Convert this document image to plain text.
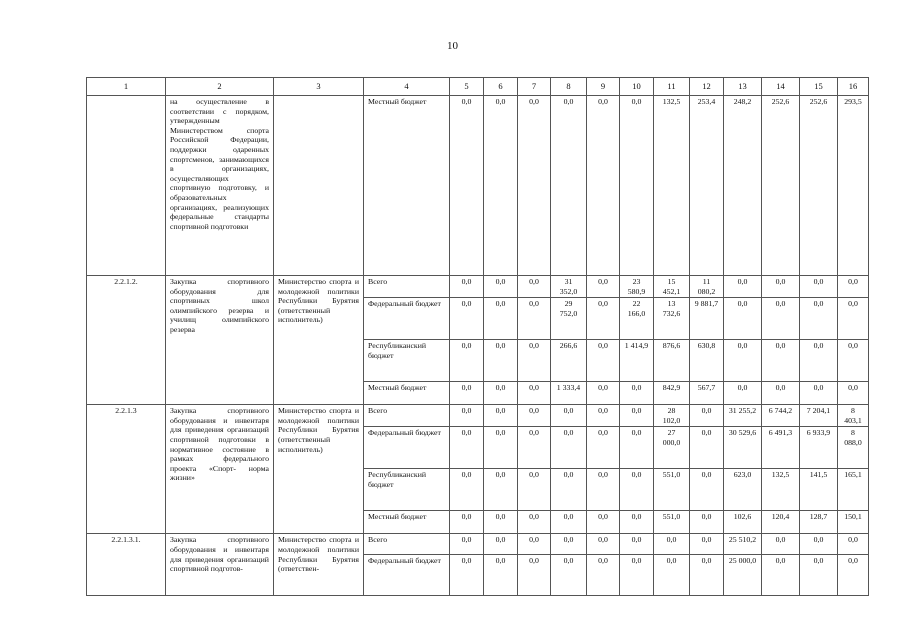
10
1	2	3	4	5	6	7	8	9	10	11	12	13	14	15	16
	на осуществление в соответствии с порядком, утвержденным Министерством спорта Российской Федерации, поддержки одаренных спортсменов, занимающихся в организациях, осуществляющих спортивную подготовку, и образовательных организациях, реализующих федеральные стандарты спортивной подготовки		Местный бюджет	0,0	0,0	0,0	0,0	0,0	0,0	132,5	253,4	248,2	252,6	252,6	293,5
2.2.1.2.	Закупка спортивного оборудования для спортивных школ олимпийского резерва и училищ олимпийского резерва	Министерство спорта и молодежной политики Республики Бурятия (ответственный исполнитель)	Всего	0,0	0,0	0,0	31 352,0	0,0	23 580,9	15 452,1	11 080,2	0,0	0,0	0,0	0,0
			Федеральный бюджет	0,0	0,0	0,0	29 752,0	0,0	22 166,0	13 732,6	9 881,7	0,0	0,0	0,0	0,0
			Республиканский бюджет	0,0	0,0	0,0	266,6	0,0	1 414,9	876,6	630,8	0,0	0,0	0,0	0,0
			Местный бюджет	0,0	0,0	0,0	1 333,4	0,0	0,0	842,9	567,7	0,0	0,0	0,0	0,0
2.2.1.3	Закупка спортивного оборудования и инвентаря для приведения организаций спортивной подготовки в нормативное состояние в рамках федерального проекта «Спорт- норма жизни»	Министерство спорта и молодежной политики Республики Бурятия (ответственный исполнитель)	Всего	0,0	0,0	0,0	0,0	0,0	0,0	28 102,0	0,0	31 255,2	6 744,2	7 204,1	8 403,1
			Федеральный бюджет	0,0	0,0	0,0	0,0	0,0	0,0	27 000,0	0,0	30 529,6	6 491,3	6 933,9	8 088,0
			Республиканский бюджет	0,0	0,0	0,0	0,0	0,0	0,0	551,0	0,0	623,0	132,5	141,5	165,1
			Местный бюджет	0,0	0,0	0,0	0,0	0,0	0,0	551,0	0,0	102,6	120,4	128,7	150,1
2.2.1.3.1.	Закупка спортивного оборудования и инвентаря для приведения организаций спортивной подготов-	Министерство спорта и молодежной политики Республики Бурятия (ответствен-	Всего	0,0	0,0	0,0	0,0	0,0	0,0	0,0	0,0	25 510,2	0,0	0,0	0,0
			Федеральный бюджет	0,0	0,0	0,0	0,0	0,0	0,0	0,0	0,0	25 000,0	0,0	0,0	0,0
